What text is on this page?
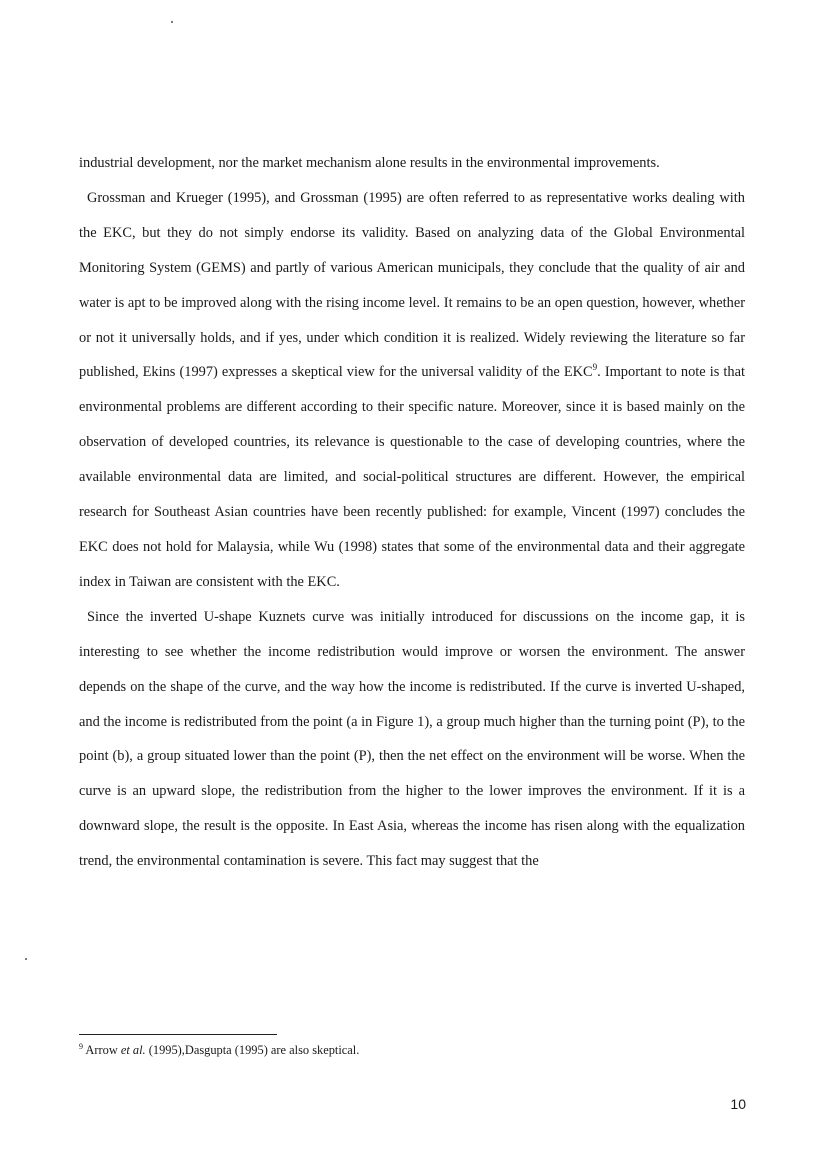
industrial development, nor the market mechanism alone results in the environmental improvements.

Grossman and Krueger (1995), and Grossman (1995) are often referred to as representative works dealing with the EKC, but they do not simply endorse its validity. Based on analyzing data of the Global Environmental Monitoring System (GEMS) and partly of various American municipals, they conclude that the quality of air and water is apt to be improved along with the rising income level. It remains to be an open question, however, whether or not it universally holds, and if yes, under which condition it is realized. Widely reviewing the literature so far published, Ekins (1997) expresses a skeptical view for the universal validity of the EKC$^9$. Important to note is that environmental problems are different according to their specific nature. Moreover, since it is based mainly on the observation of developed countries, its relevance is questionable to the case of developing countries, where the available environmental data are limited, and social-political structures are different. However, the empirical research for Southeast Asian countries have been recently published: for example, Vincent (1997) concludes the EKC does not hold for Malaysia, while Wu (1998) states that some of the environmental data and their aggregate index in Taiwan are consistent with the EKC.

Since the inverted U-shape Kuznets curve was initially introduced for discussions on the income gap, it is interesting to see whether the income redistribution would improve or worsen the environment. The answer depends on the shape of the curve, and the way how the income is redistributed. If the curve is inverted U-shaped, and the income is redistributed from the point (a in Figure 1), a group much higher than the turning point (P), to the point (b), a group situated lower than the point (P), then the net effect on the environment will be worse. When the curve is an upward slope, the redistribution from the higher to the lower improves the environment. If it is a downward slope, the result is the opposite. In East Asia, whereas the income has risen along with the equalization trend, the environmental contamination is severe. This fact may suggest that the

$^9$ Arrow et al. (1995),Dasgupta (1995) are also skeptical.
10
